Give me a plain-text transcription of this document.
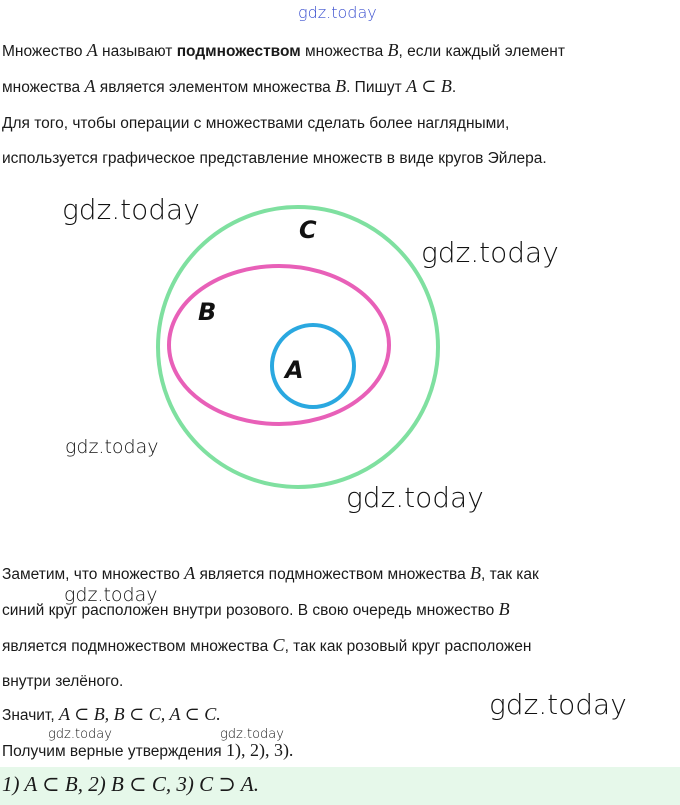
gdz.today
Множество A называют подмножеством множества B, если каждый элемент
множества A является элементом множества B. Пишут A ⊂ B.
Для того, чтобы операции с множествами сделать более наглядными,
используется графическое представление множеств в виде кругов Эйлера.
C
B
A
gdz.today
gdz.today
gdz.today
gdz.today
Заметим, что множество A является подмножеством множества B, так как
синий круг расположен внутри розового. В свою очередь множество B
gdz.today
является подмножеством множества C, так как розовый круг расположен
внутри зелёного.
Значит, A ⊂ B, B ⊂ C, A ⊂ C.
Получим верные утверждения 1), 2), 3).
gdz.today	gdz.today
gdz.today
1) A ⊂ B, 2) B ⊂ C, 3) C ⊃ A.
